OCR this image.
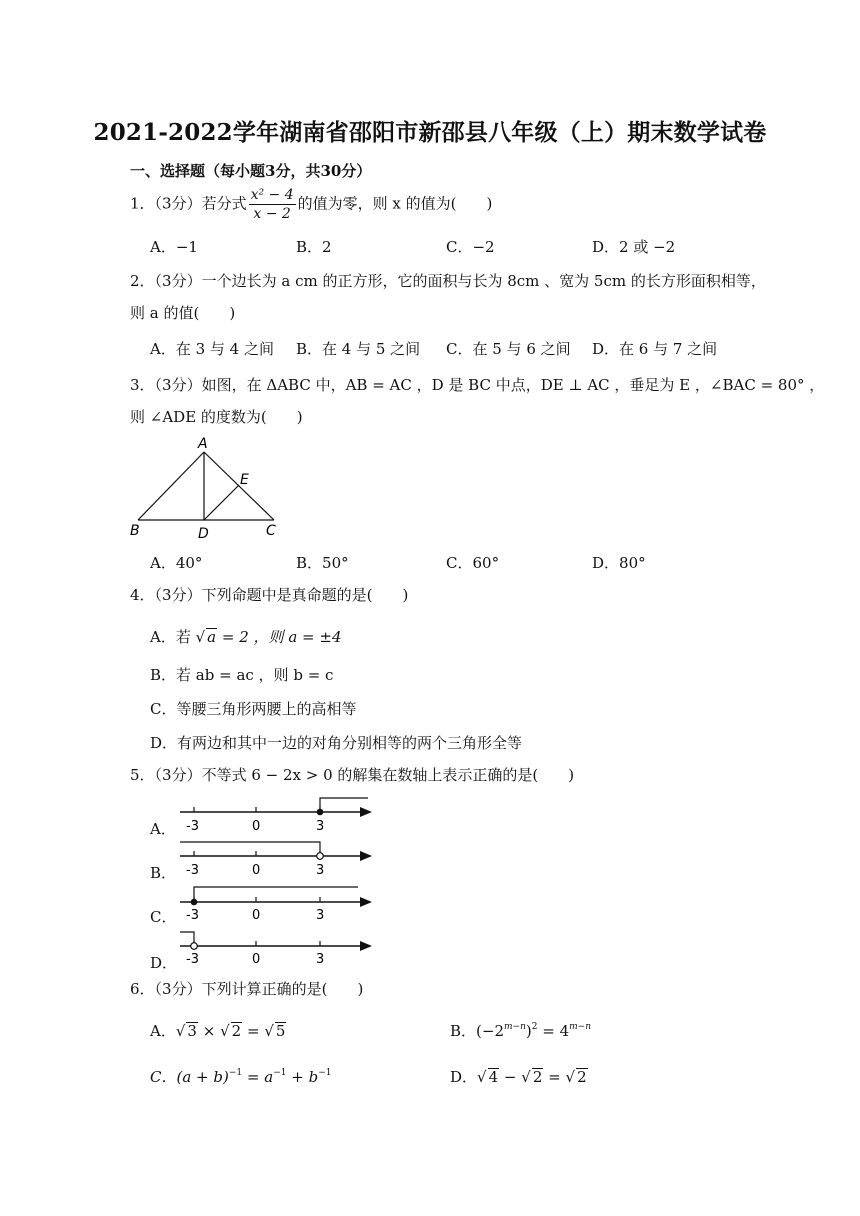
2021-2022学年湖南省邵阳市新邵县八年级（上）期末数学试卷
一、选择题（每小题3分，共30分）
1．（3分）若分式 $\frac{\text{x² − 4}}{x - 2}$ 的值为零，则 x 的值为(　　)
A．−1	B．2	C．−2	D．2 或 −2
2．（3分）一个边长为 a cm 的正方形，它的面积与长为 8cm 、宽为 5cm 的长方形面积相等，
则 a 的值(　　)
A．在 3 与 4 之间 B．在 4 与 5 之间 C．在 5 与 6 之间 D．在 6 与 7 之间
3．（3分）如图，在 ΔABC 中，AB = AC ，D 是 BC 中点，DE ⊥ AC ，垂足为 E ，∠BAC = 80° ，
则 ∠ADE 的度数为(　　)
A
B	C
D
E
A．40°	B．50°	C．60°	D．80°
4．（3分）下列命题中是真命题的是(　　)
A．若 √ a = 2 ，则 a = ±4
B．若 ab = ac ，则 b = c
C．等腰三角形两腰上的高相等
D．有两边和其中一边的对角分别相等的两个三角形全等
5．（3分）不等式 6 − 2x > 0 的解集在数轴上表示正确的是(　　)
A． -3	0	3
B． -3	0	3
C． -3	0	3
D． -3	0	3
6．（3分）下列计算正确的是(　　)
A．√ 3 × √ 2 = √ 5	B．$(-2^{m-n})^2 = 4^{m-n}$
C．$(a + b)^{-1} = a^{-1} + b^{-1}$	D．√ 4 − √ 2 = √ 2
